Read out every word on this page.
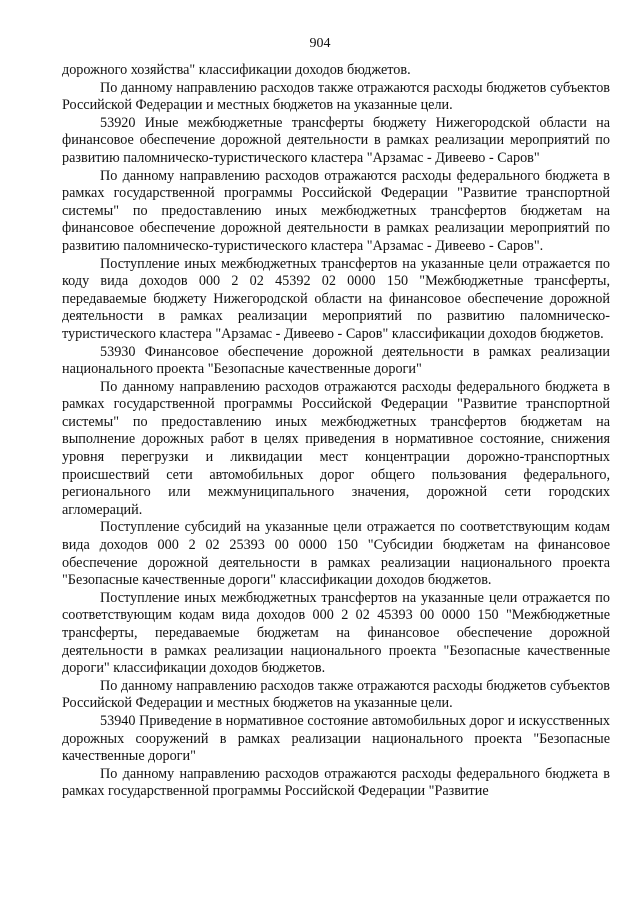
904

дорожного хозяйства" классификации доходов бюджетов.

По данному направлению расходов также отражаются расходы бюджетов субъектов Российской Федерации и местных бюджетов на указанные цели.

53920 Иные межбюджетные трансферты бюджету Нижегородской области на финансовое обеспечение дорожной деятельности в рамках реализации мероприятий по развитию паломническо-туристического кластера "Арзамас - Дивеево - Саров"

По данному направлению расходов отражаются расходы федерального бюджета в рамках государственной программы Российской Федерации "Развитие транспортной системы" по предоставлению иных межбюджетных трансфертов бюджетам на финансовое обеспечение дорожной деятельности в рамках реализации мероприятий по развитию паломническо-туристического кластера "Арзамас - Дивеево - Саров".

Поступление иных межбюджетных трансфертов на указанные цели отражается по коду вида доходов 000 2 02 45392 02 0000 150 "Межбюджетные трансферты, передаваемые бюджету Нижегородской области на финансовое обеспечение дорожной деятельности в рамках реализации мероприятий по развитию паломническо-туристического кластера "Арзамас - Дивеево - Саров" классификации доходов бюджетов.

53930 Финансовое обеспечение дорожной деятельности в рамках реализации национального проекта "Безопасные качественные дороги"

По данному направлению расходов отражаются расходы федерального бюджета в рамках государственной программы Российской Федерации "Развитие транспортной системы" по предоставлению иных межбюджетных трансфертов бюджетам на выполнение дорожных работ в целях приведения в нормативное состояние, снижения уровня перегрузки и ликвидации мест концентрации дорожно-транспортных происшествий сети автомобильных дорог общего пользования федерального, регионального или межмуниципального значения, дорожной сети городских агломераций.

Поступление субсидий на указанные цели отражается по соответствующим кодам вида доходов 000 2 02 25393 00 0000 150 "Субсидии бюджетам на финансовое обеспечение дорожной деятельности в рамках реализации национального проекта "Безопасные качественные дороги" классификации доходов бюджетов.

Поступление иных межбюджетных трансфертов на указанные цели отражается по соответствующим кодам вида доходов 000 2 02 45393 00 0000 150 "Межбюджетные трансферты, передаваемые бюджетам на финансовое обеспечение дорожной деятельности в рамках реализации национального проекта "Безопасные качественные дороги" классификации доходов бюджетов.

По данному направлению расходов также отражаются расходы бюджетов субъектов Российской Федерации и местных бюджетов на указанные цели.

53940 Приведение в нормативное состояние автомобильных дорог и искусственных дорожных сооружений в рамках реализации национального проекта "Безопасные качественные дороги"

По данному направлению расходов отражаются расходы федерального бюджета в рамках государственной программы Российской Федерации "Развитие
